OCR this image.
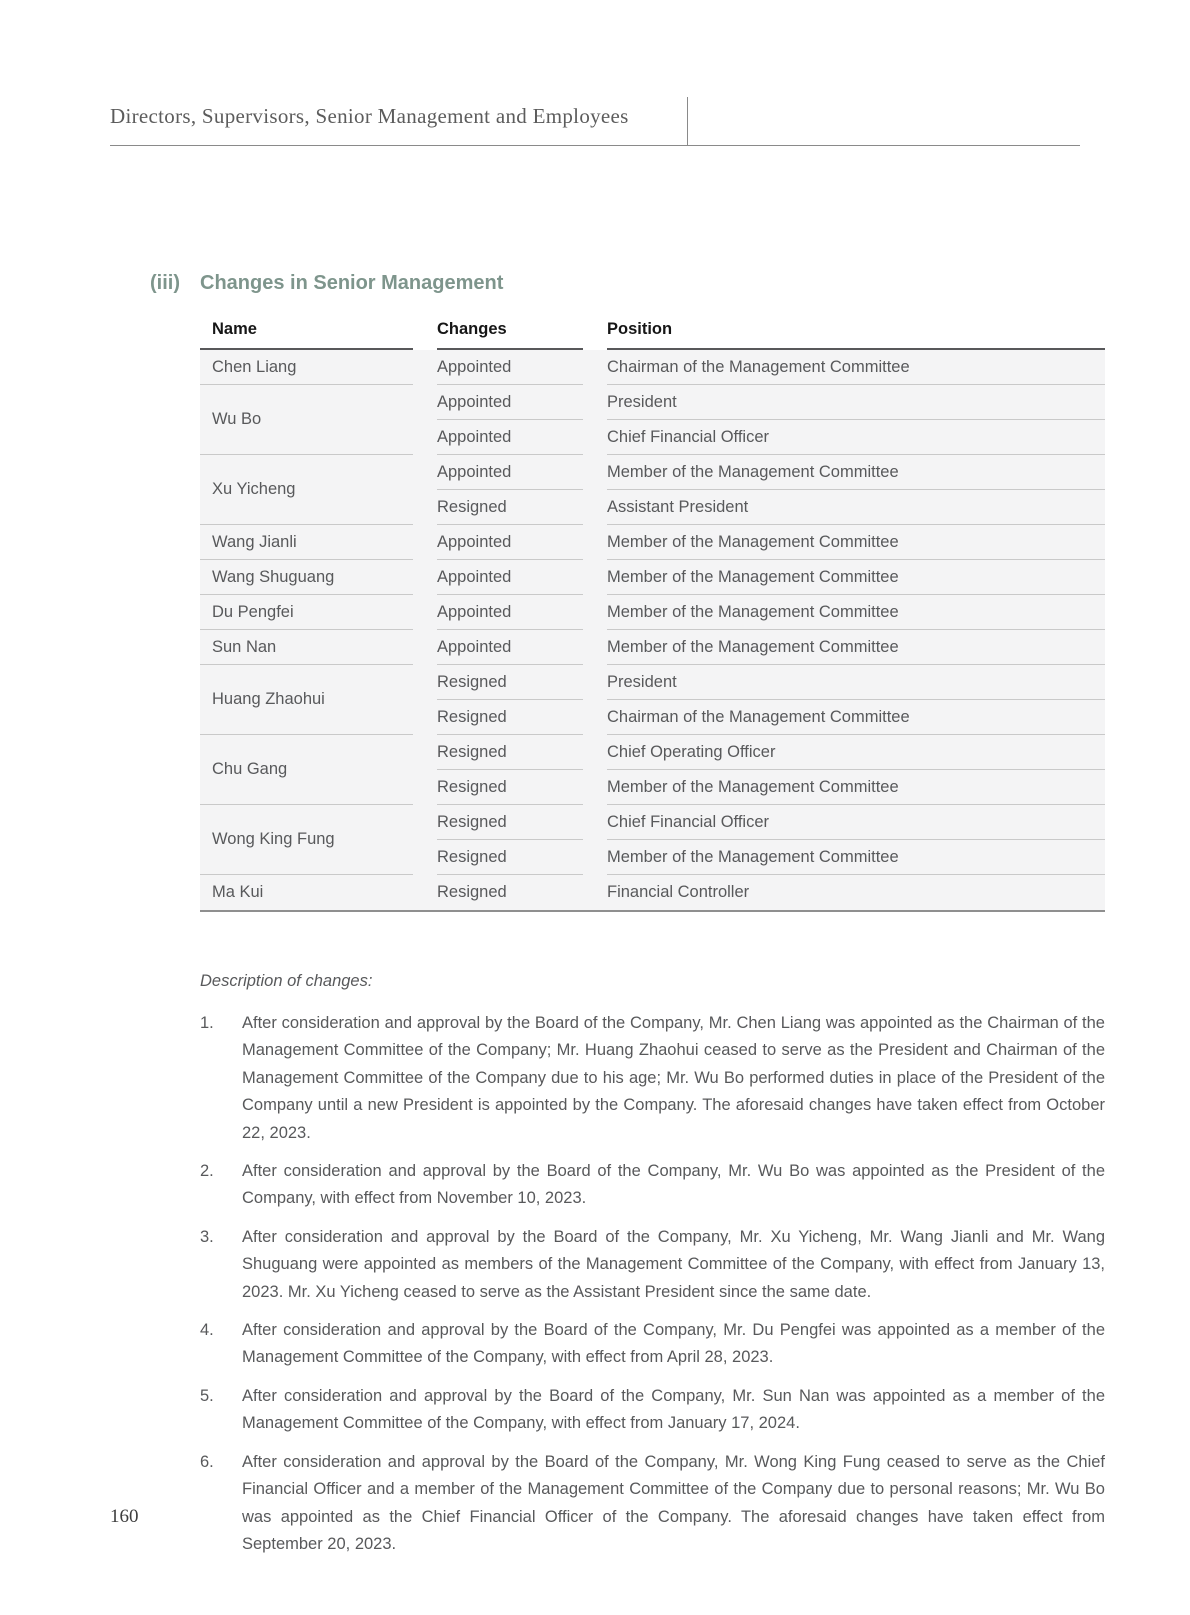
Directors, Supervisors, Senior Management and Employees
(iii) Changes in Senior Management
Name	Changes	Position

Chen Liang	Appointed	Chairman of the Management Committee

Wu Bo	Appointed	President

	Appointed	Chief Financial Officer

Xu Yicheng	Appointed	Member of the Management Committee

	Resigned	Assistant President

Wang Jianli	Appointed	Member of the Management Committee

Wang Shuguang	Appointed	Member of the Management Committee

Du Pengfei	Appointed	Member of the Management Committee

Sun Nan	Appointed	Member of the Management Committee

Huang Zhaohui	Resigned	President

	Resigned	Chairman of the Management Committee

Chu Gang	Resigned	Chief Operating Officer

	Resigned	Member of the Management Committee

Wong King Fung	Resigned	Chief Financial Officer

	Resigned	Member of the Management Committee

Ma Kui	Resigned	Financial Controller
Description of changes:
1.	After consideration and approval by the Board of the Company, Mr. Chen Liang was appointed as the Chairman of the Management Committee of the Company; Mr. Huang Zhaohui ceased to serve as the President and Chairman of the Management Committee of the Company due to his age; Mr. Wu Bo performed duties in place of the President of the Company until a new President is appointed by the Company. The aforesaid changes have taken effect from October 22, 2023.
2.	After consideration and approval by the Board of the Company, Mr. Wu Bo was appointed as the President of the Company, with effect from November 10, 2023.
3.	After consideration and approval by the Board of the Company, Mr. Xu Yicheng, Mr. Wang Jianli and Mr. Wang Shuguang were appointed as members of the Management Committee of the Company, with effect from January 13, 2023. Mr. Xu Yicheng ceased to serve as the Assistant President since the same date.
4.	After consideration and approval by the Board of the Company, Mr. Du Pengfei was appointed as a member of the Management Committee of the Company, with effect from April 28, 2023.
5.	After consideration and approval by the Board of the Company, Mr. Sun Nan was appointed as a member of the Management Committee of the Company, with effect from January 17, 2024.
6.	After consideration and approval by the Board of the Company, Mr. Wong King Fung ceased to serve as the Chief Financial Officer and a member of the Management Committee of the Company due to personal reasons; Mr. Wu Bo was appointed as the Chief Financial Officer of the Company. The aforesaid changes have taken effect from September 20, 2023.
160
